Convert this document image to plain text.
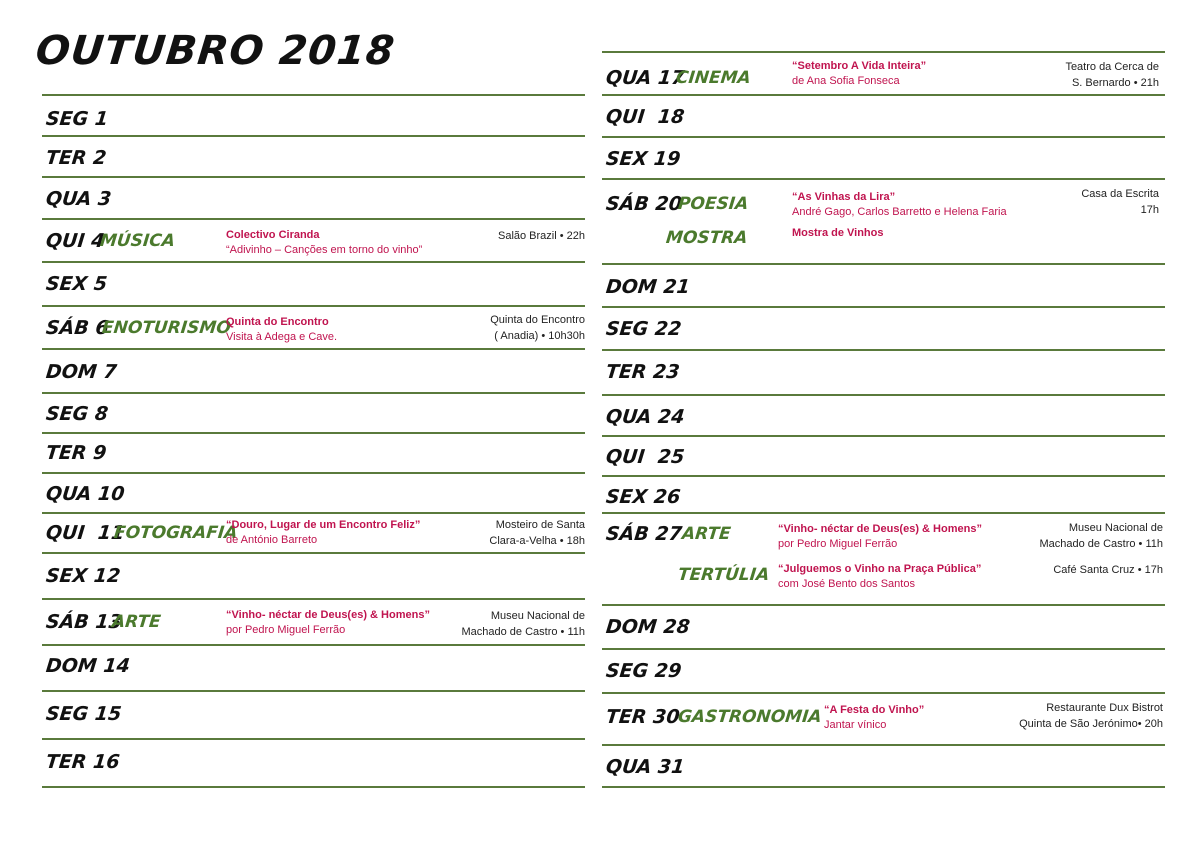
OUTUBRO 2018
SEG 1
TER 2
QUA 3
QUI 4
MÚSICA	Colectivo Ciranda
“Adivinho – Canções em torno do vinho”
Salão Brazil • 22h
SEX 5
SÁB 6
ENOTURISMO
Quinta do Encontro
Visita à Adega e Cave.
Quinta do Encontro
( Anadia) • 10h30h
DOM 7
SEG 8
TER 9
QUA 10
QUI  11
FOTOGRAFIA
“Douro, Lugar de um Encontro Feliz”
de António Barreto
Mosteiro de Santa
Clara-a-Velha • 18h
SEX 12
SÁB 13
ARTE	“Vinho- néctar de Deus(es) & Homens”
por Pedro Miguel Ferrão
Museu Nacional de
Machado de Castro • 11h
DOM 14
SEG 15
TER 16
QUA 17
CINEMA
“Setembro A Vida Inteira”
de Ana Sofia Fonseca
Teatro da Cerca de
S. Bernardo • 21h
QUI  18
SEX 19
SÁB 20
POESIA
MOSTRA
“As Vinhas da Lira”
André Gago, Carlos Barretto e Helena Faria
Mostra de Vinhos
Casa da Escrita
17h
DOM 21
SEG 22
TER 23
QUA 24
QUI  25
SEX 26
SÁB 27
ARTE
TERTÚLIA
“Vinho- néctar de Deus(es) & Homens”
por Pedro Miguel Ferrão
Museu Nacional de
Machado de Castro • 11h
“Julguemos o Vinho na Praça Pública”
com José Bento dos Santos
Café Santa Cruz • 17h
DOM 28
SEG 29
TER 30
GASTRONOMIA “A Festa do Vinho”
Jantar vínico
Restaurante Dux Bistrot
Quinta de São Jerónimo• 20h
QUA 31
